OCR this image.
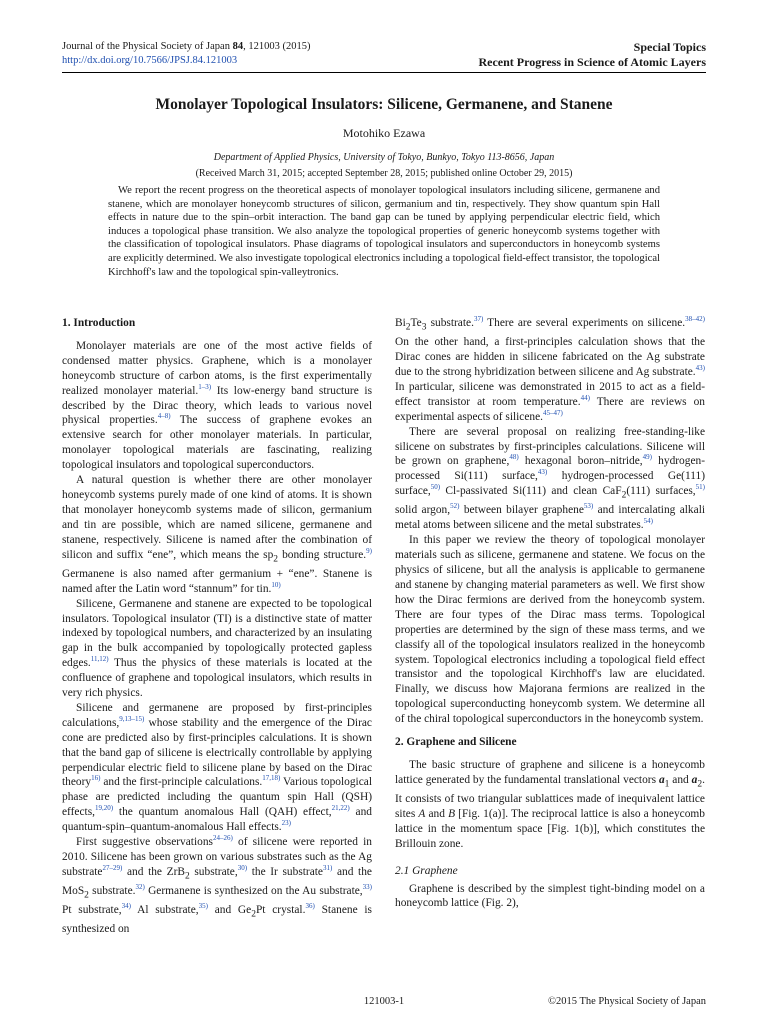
Journal of the Physical Society of Japan 84, 121003 (2015)
http://dx.doi.org/10.7566/JPSJ.84.121003
Special Topics
Recent Progress in Science of Atomic Layers
Monolayer Topological Insulators: Silicene, Germanene, and Stanene
Motohiko Ezawa
Department of Applied Physics, University of Tokyo, Bunkyo, Tokyo 113-8656, Japan
(Received March 31, 2015; accepted September 28, 2015; published online October 29, 2015)
We report the recent progress on the theoretical aspects of monolayer topological insulators including silicene, germanene and stanene, which are monolayer honeycomb structures of silicon, germanium and tin, respectively. They show quantum spin Hall effects in nature due to the spin–orbit interaction. The band gap can be tuned by applying perpendicular electric field, which induces a topological phase transition. We also analyze the topological properties of generic honeycomb systems together with the classification of topological insulators. Phase diagrams of topological insulators and superconductors in honeycomb systems are explicitly determined. We also investigate topological electronics including a topological field-effect transistor, the topological Kirchhoff's law and the topological spin-valleytronics.
1. Introduction

Monolayer materials are one of the most active fields of condensed matter physics. Graphene, which is a monolayer honeycomb structure of carbon atoms, is the first experimentally realized monolayer material.$^{1-3)}$ Its low-energy band structure is described by the Dirac theory, which leads to various novel physical properties.$^{4-8)}$ The success of graphene evokes an extensive search for other monolayer materials. In particular, monolayer topological materials are fascinating, realizing topological insulators and topological superconductors.

A natural question is whether there are other monolayer honeycomb systems purely made of one kind of atoms. It is shown that monolayer honeycomb systems made of silicon, germanium and tin are possible, which are named silicene, germanene and stanene, respectively. Silicene is named after the combination of silicon and suffix “ene”, which means the $sp_2$ bonding structure.$^{9)}$ Germanene is also named after germanium + “ene”. Stanene is named after the Latin word “stannum” for tin.$^{10)}$

Silicene, Germanene and stanene are expected to be topological insulators. Topological insulator (TI) is a distinctive state of matter indexed by topological numbers, and characterized by an insulating gap in the bulk accompanied by topologically protected gapless edges.$^{11,12)}$ Thus the physics of these materials is located at the confluence of graphene and topological insulators, which results in very rich physics.

Silicene and germanene are proposed by first-principles calculations,$^{9,13-15)}$ whose stability and the emergence of the Dirac cone are predicted also by first-principles calculations. It is shown that the band gap of silicene is electrically controllable by applying perpendicular electric field to silicene plane by based on the Dirac theory$^{16)}$ and the first-principle calculations.$^{17,18)}$ Various topological phase are predicted including the quantum spin Hall (QSH) effects,$^{19,20)}$ the quantum anomalous Hall (QAH) effect,$^{21,22)}$ and quantum-spin–quantum-anomalous Hall effects.$^{23)}$

First suggestive observations$^{24-26)}$ of silicene were reported in 2010. Silicene has been grown on various substrates such as the Ag substrate$^{27-29)}$ and the ZrB$_2$ substrate,$^{30)}$ the Ir substrate$^{31)}$ and the MoS$_2$ substrate.$^{32)}$ Germanene is synthesized on the Au substrate,$^{33)}$ Pt substrate,$^{34)}$ Al substrate,$^{35)}$ and $Ge_2Pt$ crystal.$^{36)}$ Stanene is synthesized on

$Bi_2Te_3$ substrate.$^{37)}$ There are several experiments on silicene.$^{38-42)}$ On the other hand, a first-principles calculation shows that the Dirac cones are hidden in silicene fabricated on the Ag substrate due to the strong hybridization between silicene and Ag substrate.$^{43)}$ In particular, silicene was demonstrated in 2015 to act as a field-effect transistor at room temperature.$^{44)}$ There are reviews on experimental aspects of silicene.$^{45-47)}$

There are several proposal on realizing free-standing-like silicene on substrates by first-principles calculations. Silicene will be grown on graphene,$^{48)}$ hexagonal boron–nitride,$^{49)}$ hydrogen-processed Si(111) surface,$^{43)}$ hydrogen-processed Ge(111) surface,$^{50)}$ Cl-passivated Si(111) and clean CaF$_2$(111) surfaces,$^{51)}$ solid argon,$^{52)}$ between bilayer graphene$^{53)}$ and intercalating alkali metal atoms between silicene and the metal substrates.$^{54)}$

In this paper we review the theory of topological monolayer materials such as silicene, germanene and statene. We focus on the physics of silicene, but all the analysis is applicable to germanene and stanene by changing material parameters as well. We first show how the Dirac fermions are derived from the honeycomb system. There are four types of the Dirac mass terms. Topological properties are determined by the sign of these mass terms, and we classify all of the topological insulators realized in the honeycomb system. Topological electronics including a topological field effect transistor and the topological Kirchhoff's law are elucidated. Finally, we discuss how Majorana fermions are realized in the topological superconducting honeycomb system. We determine all of the chiral topological superconductors in the honeycomb system.

2. Graphene and Silicene

The basic structure of graphene and silicene is a honeycomb lattice generated by the fundamental translational vectors $a_1$ and $a_2$. It consists of two triangular sublattices made of inequivalent lattice sites A and B [Fig. 1(a)]. The reciprocal lattice is also a honeycomb lattice in the momentum space [Fig. 1(b)], which constitutes the Brillouin zone.

2.1 Graphene

Graphene is described by the simplest tight-binding model on a honeycomb lattice (Fig. 2),

121003-1	©2015 The Physical Society of Japan
